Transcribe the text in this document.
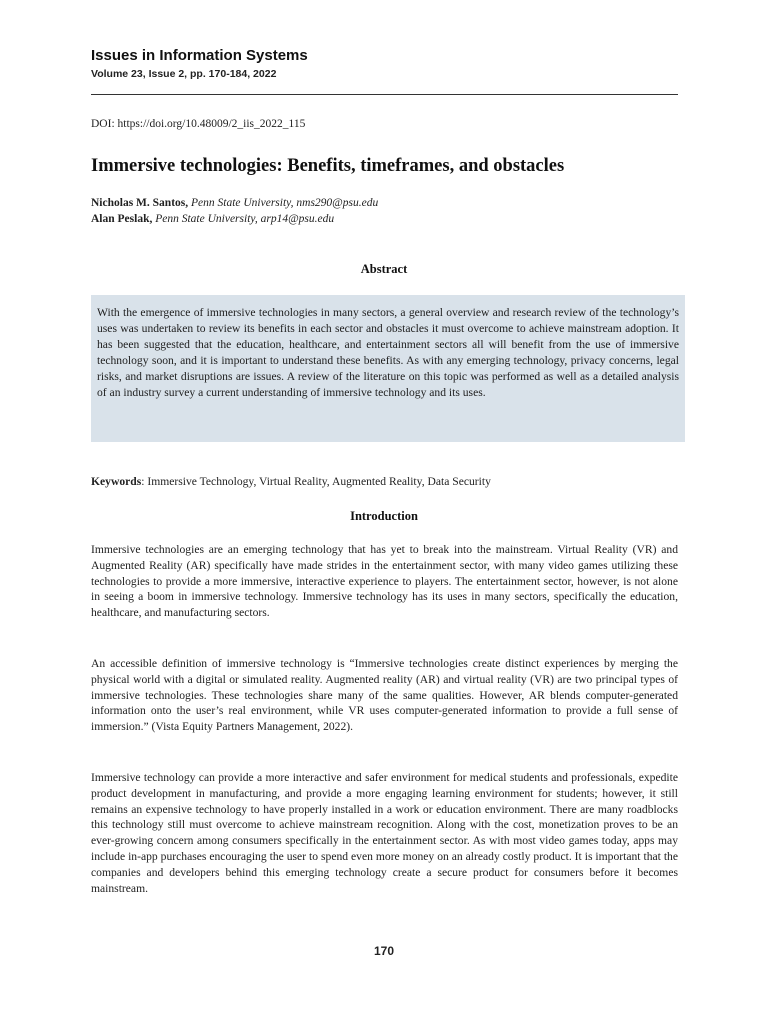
Issues in Information Systems
Volume 23, Issue 2, pp. 170-184, 2022
DOI: https://doi.org/10.48009/2_iis_2022_115
Immersive technologies: Benefits, timeframes, and obstacles
Nicholas M. Santos, Penn State University, nms290@psu.edu
Alan Peslak, Penn State University, arp14@psu.edu
Abstract

With the emergence of immersive technologies in many sectors, a general overview and research review of the technology’s uses was undertaken to review its benefits in each sector and obstacles it must overcome to achieve mainstream adoption. It has been suggested that the education, healthcare, and entertainment sectors all will benefit from the use of immersive technology soon, and it is important to understand these benefits. As with any emerging technology, privacy concerns, legal risks, and market disruptions are issues. A review of the literature on this topic was performed as well as a detailed analysis of an industry survey a current understanding of immersive technology and its uses.

Keywords: Immersive Technology, Virtual Reality, Augmented Reality, Data Security
Introduction

Immersive technologies are an emerging technology that has yet to break into the mainstream. Virtual Reality (VR) and Augmented Reality (AR) specifically have made strides in the entertainment sector, with many video games utilizing these technologies to provide a more immersive, interactive experience to players. The entertainment sector, however, is not alone in seeing a boom in immersive technology. Immersive technology has its uses in many sectors, specifically the education, healthcare, and manufacturing sectors.

An accessible definition of immersive technology is “Immersive technologies create distinct experiences by merging the physical world with a digital or simulated reality. Augmented reality (AR) and virtual reality (VR) are two principal types of immersive technologies. These technologies share many of the same qualities. However, AR blends computer-generated information onto the user’s real environment, while VR uses computer-generated information to provide a full sense of immersion.” (Vista Equity Partners Management, 2022).

Immersive technology can provide a more interactive and safer environment for medical students and professionals, expedite product development in manufacturing, and provide a more engaging learning environment for students; however, it still remains an expensive technology to have properly installed in a work or education environment. There are many roadblocks this technology still must overcome to achieve mainstream recognition. Along with the cost, monetization proves to be an ever-growing concern among consumers specifically in the entertainment sector. As with most video games today, apps may include in-app purchases encouraging the user to spend even more money on an already costly product. It is important that the companies and developers behind this emerging technology create a secure product for consumers before it becomes mainstream.

170
